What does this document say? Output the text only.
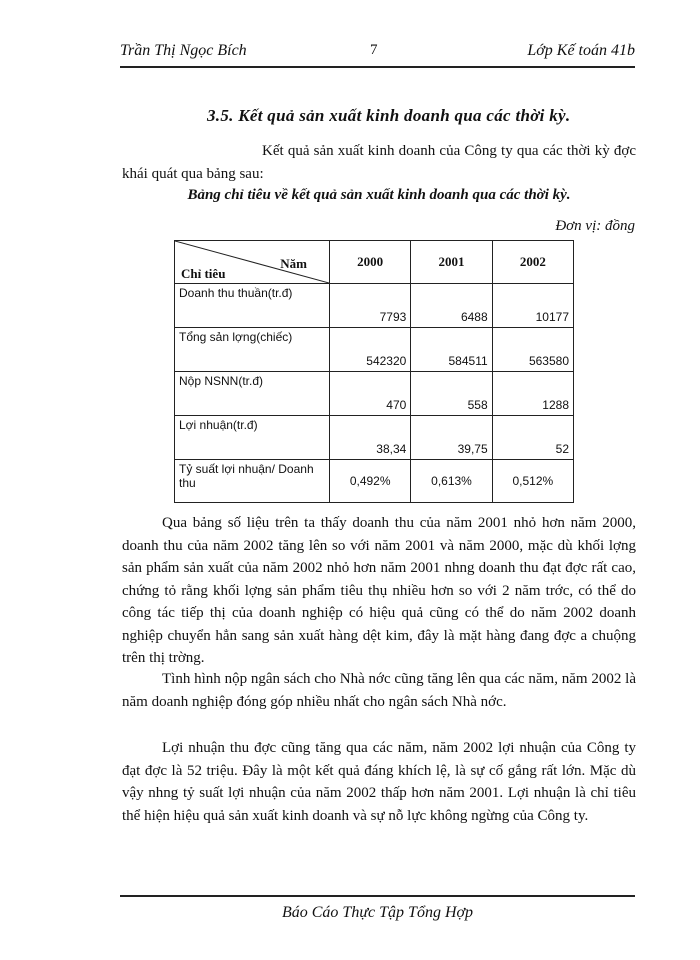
Trần Thị Ngọc Bích	7	Lớp Kế toán 41b
3.5. Kết quả sản xuất kinh doanh qua các thời kỳ.

Kết quả sản xuất kinh doanh của Công ty qua các thời kỳ đợc khái quát qua bảng sau:

Bảng chỉ tiêu về kết quả sản xuất kinh doanh qua các thời kỳ.
Đơn vị: đồng
Năm
Chỉ tiêu	2000	2001	2002
Doanh thu thuần(tr.đ)	7793	6488	10177
Tổng sản lợng(chiếc)	542320	584511	563580
Nộp NSNN(tr.đ)	470	558	1288
Lợi nhuận(tr.đ)	38,34	39,75	52
Tỷ suất lợi nhuận/ Doanh thu	0,492%	0,613%	0,512%

Qua bảng số liệu trên ta thấy doanh thu của năm 2001 nhỏ hơn năm 2000, doanh thu của năm 2002 tăng lên so với năm 2001 và năm 2000, mặc dù khối lợng sản phẩm sản xuất của năm 2002 nhỏ hơn năm 2001 nhng doanh thu đạt đợc rất cao, chứng tỏ rằng khối lợng sản phẩm tiêu thụ nhiều hơn so với 2 năm trớc, có thể do công tác tiếp thị của doanh nghiệp có hiệu quả cũng có thể do năm 2002 doanh nghiệp chuyển hẳn sang sản xuất hàng dệt kim, đây là mặt hàng đang đợc a chuộng trên thị trờng.

Tình hình nộp ngân sách cho Nhà nớc cũng tăng lên qua các năm, năm 2002 là năm doanh nghiệp đóng góp nhiều nhất cho ngân sách Nhà nớc.

Lợi nhuận thu đợc cũng tăng qua các năm, năm 2002 lợi nhuận của Công ty đạt đợc là 52 triệu. Đây là một kết quả đáng khích lệ, là sự cố gắng rất lớn. Mặc dù vậy nhng tỷ suất lợi nhuận của năm 2002 thấp hơn năm 2001. Lợi nhuận là chỉ tiêu thể hiện hiệu quả sản xuất kinh doanh và sự nỗ lực không ngừng của Công ty.

Báo Cáo Thực Tập Tổng Hợp
